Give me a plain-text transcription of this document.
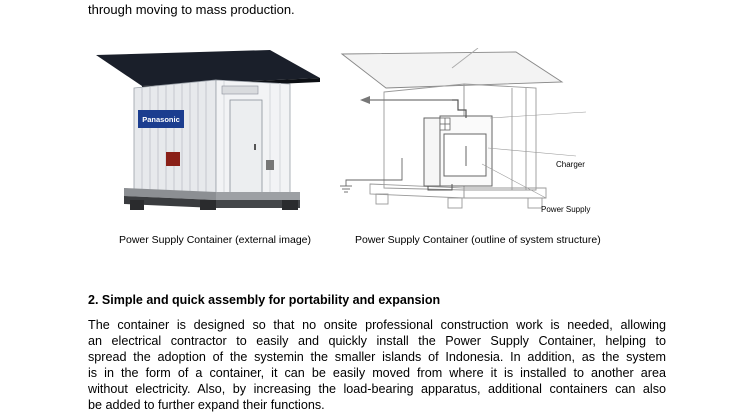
through moving to mass production.
Panasonic
Charger
Power Supply
Power Supply Container (external image)	Power Supply Container (outline of system structure)
2. Simple and quick assembly for portability and expansion
The container is designed so that no onsite professional construction work is needed, allowing
an electrical contractor to easily and quickly install the Power Supply Container, helping to
spread the adoption of the systemin the smaller islands of Indonesia. In addition, as the system
is in the form of a container, it can be easily moved from where it is installed to another area
without electricity. Also, by increasing the load-bearing apparatus, additional containers can also
be added to further expand their functions.
